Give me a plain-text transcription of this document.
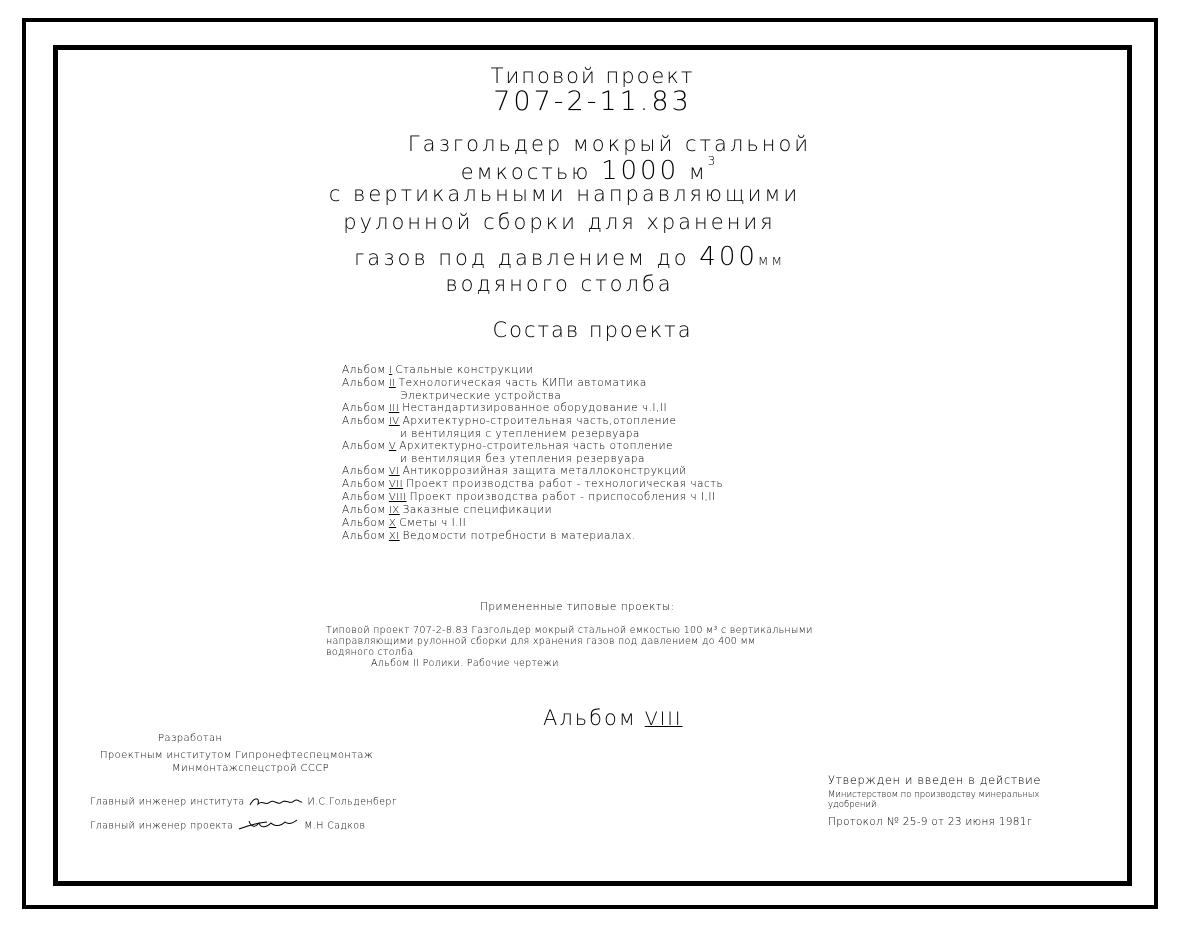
Типовой проект
707-2-11.83
Газгольдер мокрый стальной
емкостью 1000 $м^3$
с вертикальными направляющими
рулонной сборки для хранения
газов под давлением до 400мм
водяного столба
Состав проекта
Альбом I Стальные конструкции
Альбом II Технологическая часть КИПи автоматика
Электрические устройства
Альбом III Нестандартизированное оборудование ч.I,II
Альбом IV Архитектурно-строительная часть,отопление
и вентиляция с утеплением резервуара
Альбом V Архитектурно-строительная часть отопление
и вентиляция без утепления резервуара
Альбом VI Антикоррозийная защита металлоконструкций
Альбом VII Проект производства работ - технологическая часть
Альбом VIII Проект производства работ - приспособления ч I,II
Альбом IX Заказные спецификации
Альбом X Сметы ч I.II
Альбом XI Ведомости потребности в материалах.
Примененные типовые проекты:
Типовой проект 707-2-8.83 Газгольдер мокрый стальной емкостью 100 м³ с вертикальными
направляющими рулонной сборки для хранения газов под давлением до 400 мм
водяного столба
Альбом II Ролики. Рабочие чертежи
Альбом VIII
Разработан
Проектным институтом Гипронефтеспецмонтаж
Минмонтажспецстрой СССР
Главный инженер института	И.С.Гольденберг
Главный инженер проекта	М.Н Садков
Утвержден и введен в действие
Министерством по производству минеральных
удобрений
Протокол № 25-9 от 23 июня 1981г
